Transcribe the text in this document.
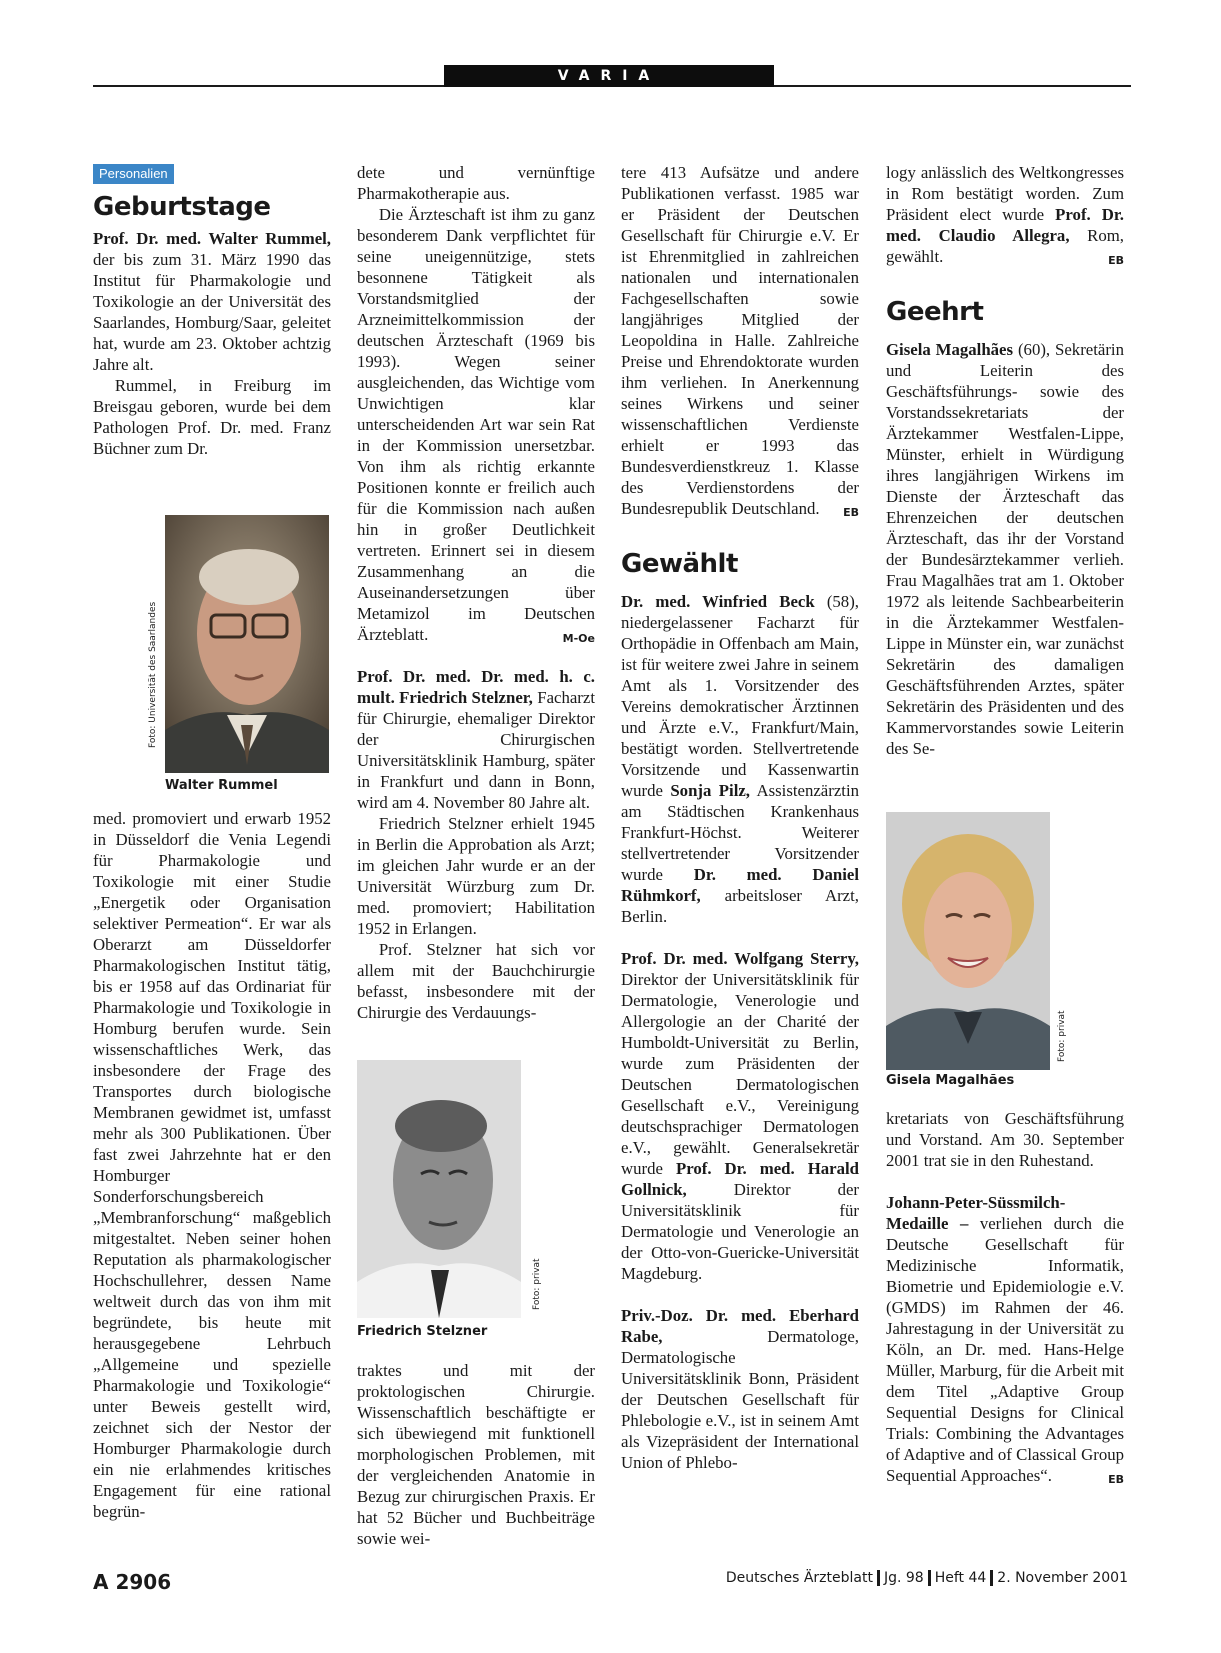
VARIA
Personalien
Geburtstage

Prof. Dr. med. Walter Rummel, der bis zum 31. März 1990 das Institut für Pharmakologie und Toxikologie an der Universität des Saarlandes, Homburg/Saar, geleitet hat, wurde am 23. Oktober achtzig Jahre alt.

Rummel, in Freiburg im Breisgau geboren, wurde bei dem Pathologen Prof. Dr. med. Franz Büchner zum Dr.

Foto: Universität des Saarlandes
Walter Rummel

med. promoviert und erwarb 1952 in Düsseldorf die Venia Legendi für Pharmakologie und Toxikologie mit einer Studie „Energetik oder Organisation selektiver Permeation“. Er war als Oberarzt am Düsseldorfer Pharmakologischen Institut tätig, bis er 1958 auf das Ordinariat für Pharmakologie und Toxikologie in Homburg berufen wurde. Sein wissenschaftliches Werk, das insbesondere der Frage des Transportes durch biologische Membranen gewidmet ist, umfasst mehr als 300 Publikationen. Über fast zwei Jahrzehnte hat er den Homburger Sonderforschungsbereich „Membranforschung“ maßgeblich mitgestaltet. Neben seiner hohen Reputation als pharmakologischer Hochschullehrer, dessen Name weltweit durch das von ihm mit begründete, bis heute mit herausgegebene Lehrbuch „Allgemeine und spezielle Pharmakologie und Toxikologie“ unter Beweis gestellt wird, zeichnet sich der Nestor der Homburger Pharmakologie durch ein nie erlahmendes kritisches Engagement für eine rational begrün-

dete und vernünftige Pharmakotherapie aus.

Die Ärzteschaft ist ihm zu ganz besonderem Dank verpflichtet für seine uneigennützige, stets besonnene Tätigkeit als Vorstandsmitglied der Arzneimittelkommission der deutschen Ärzteschaft (1969 bis 1993). Wegen seiner ausgleichenden, das Wichtige vom Unwichtigen klar unterscheidenden Art war sein Rat in der Kommission unersetzbar. Von ihm als richtig erkannte Positionen konnte er freilich auch für die Kommission nach außen hin in großer Deutlichkeit vertreten. Erinnert sei in diesem Zusammenhang an die Auseinandersetzungen über Metamizol im Deutschen Ärzteblatt.	M-Oe

Prof. Dr. med. Dr. med. h. c. mult. Friedrich Stelzner, Facharzt für Chirurgie, ehemaliger Direktor der Chirurgischen Universitätsklinik Hamburg, später in Frankfurt und dann in Bonn, wird am 4. November 80 Jahre alt.

Friedrich Stelzner erhielt 1945 in Berlin die Approbation als Arzt; im gleichen Jahr wurde er an der Universität Würzburg zum Dr. med. promoviert; Habilitation 1952 in Erlangen.

Prof. Stelzner hat sich vor allem mit der Bauchchirurgie befasst, insbesondere mit der Chirurgie des Verdauungs-

Foto: privat
Friedrich Stelzner

traktes und mit der proktologischen Chirurgie. Wissenschaftlich beschäftigte er sich übewiegend mit funktionell morphologischen Problemen, mit der vergleichenden Anatomie in Bezug zur chirurgischen Praxis. Er hat 52 Bücher und Buchbeiträge sowie wei-

tere 413 Aufsätze und andere Publikationen verfasst. 1985 war er Präsident der Deutschen Gesellschaft für Chirurgie e.V. Er ist Ehrenmitglied in zahlreichen nationalen und internationalen Fachgesellschaften sowie langjähriges Mitglied der Leopoldina in Halle. Zahlreiche Preise und Ehrendoktorate wurden ihm verliehen. In Anerkennung seines Wirkens und seiner wissenschaftlichen Verdienste erhielt er 1993 das Bundesverdienstkreuz 1. Klasse des Verdienstordens der Bundesrepublik Deutschland. EB

Gewählt

Dr. med. Winfried Beck (58), niedergelassener Facharzt für Orthopädie in Offenbach am Main, ist für weitere zwei Jahre in seinem Amt als 1. Vorsitzender des Vereins demokratischer Ärztinnen und Ärzte e.V., Frankfurt/Main, bestätigt worden. Stellvertretende Vorsitzende und Kassenwartin wurde Sonja Pilz, Assistenzärztin am Städtischen Krankenhaus Frankfurt-Höchst. Weiterer stellvertretender Vorsitzender wurde Dr. med. Daniel Rühmkorf, arbeitsloser Arzt, Berlin.

Prof. Dr. med. Wolfgang Sterry, Direktor der Universitätsklinik für Dermatologie, Venerologie und Allergologie an der Charité der Humboldt-Universität zu Berlin, wurde zum Präsidenten der Deutschen Dermatologischen Gesellschaft e.V., Vereinigung deutschsprachiger Dermatologen e.V., gewählt. Generalsekretär wurde Prof. Dr. med. Harald Gollnick, Direktor der Universitätsklinik für Dermatologie und Venerologie an der Otto-von-Guericke-Universität Magdeburg.

Priv.-Doz. Dr. med. Eberhard Rabe, Dermatologe, Dermatologische Universitätsklinik Bonn, Präsident der Deutschen Gesellschaft für Phlebologie e.V., ist in seinem Amt als Vizepräsident der International Union of Phlebo-

logy anlässlich des Weltkongresses in Rom bestätigt worden. Zum Präsident elect wurde Prof. Dr. med. Claudio Allegra, Rom, gewählt.	EB

Geehrt

Gisela Magalhães (60), Sekretärin und Leiterin des Geschäftsführungs- sowie des Vorstandssekretariats der Ärztekammer Westfalen-Lippe, Münster, erhielt in Würdigung ihres langjährigen Wirkens im Dienste der Ärzteschaft das Ehrenzeichen der deutschen Ärzteschaft, das ihr der Vorstand der Bundesärztekammer verlieh. Frau Magalhães trat am 1. Oktober 1972 als leitende Sachbearbeiterin in die Ärztekammer Westfalen-Lippe in Münster ein, war zunächst Sekretärin des damaligen Geschäftsführenden Arztes, später Sekretärin des Präsidenten und des Kammervorstandes sowie Leiterin des Se-

Foto: privat
Gisela Magalhães

kretariats von Geschäftsführung und Vorstand. Am 30. September 2001 trat sie in den Ruhestand.

Johann-Peter-Süssmilch-Medaille – verliehen durch die Deutsche Gesellschaft für Medizinische Informatik, Biometrie und Epidemiologie e.V. (GMDS) im Rahmen der 46. Jahrestagung in der Universität zu Köln, an Dr. med. Hans-Helge Müller, Marburg, für die Arbeit mit dem Titel „Adaptive Group Sequential Designs for Clinical Trials: Combining the Advantages of Adaptive and of Classical Group Sequential Approaches“.	EB

A 2906	Deutsches Ärzteblatt Jg. 98 Heft 44 2. November 2001
